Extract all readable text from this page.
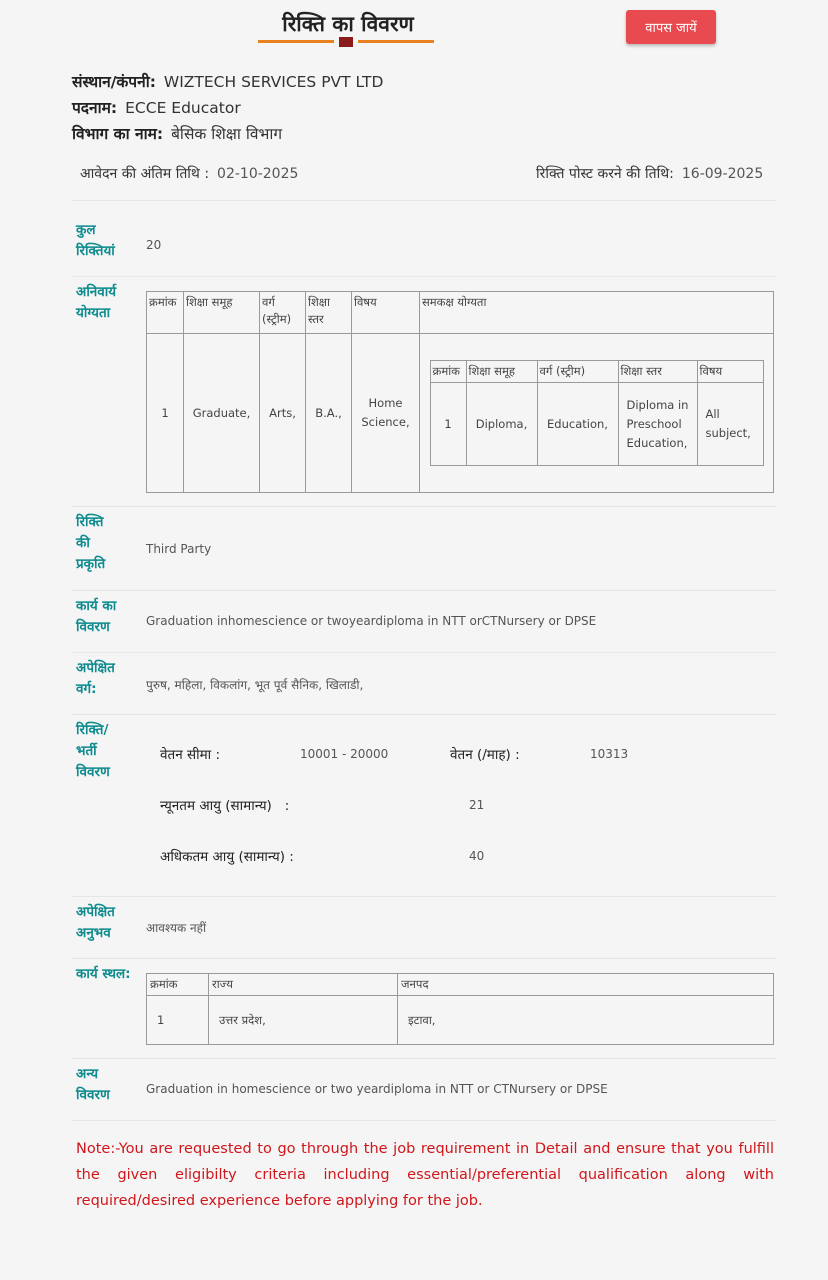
रिक्ति का विवरण	वापस जायें
संस्थान/कंपनी: WIZTECH SERVICES PVT LTD
पदनाम: ECCE Educator
विभाग का नाम: बेसिक शिक्षा विभाग
आवेदन की अंतिम तिथि : 02-10-2025	रिक्ति पोस्ट करने की तिथि: 16-09-2025
कुल रिक्तियां	20
अनिवार्य योग्यता
क्रमांक	शिक्षा समूह	वर्ग (स्ट्रीम)	शिक्षा स्तर	विषय	समकक्ष योग्यता
1	Graduate,	Arts,	B.A.,	Home Science,	
क्रमांक	शिक्षा समूह	वर्ग (स्ट्रीम)	शिक्षा स्तर	विषय
1	Diploma,	Education,	Diploma in Preschool Education,	All subject,
रिक्ति की प्रकृति
Third Party
कार्य का विवरण	Graduation inhomescience or twoyeardiploma in NTT orCTNursery or DPSE
अपेक्षित वर्ग:	पुरुष, महिला, विकलांग, भूत पूर्व सैनिक, खिलाडी,
रिक्ति/ भर्ती विवरण
वेतन सीमा :	10001 - 20000	वेतन (/माह) :	10313
न्यूनतम आयु (सामान्य)   :	21
अधिकतम आयु (सामान्य) :	40
अपेक्षित अनुभव	आवश्यक नहीं
कार्य स्थल:
क्रमांक	राज्य	जनपद
1	उत्तर प्रदेश,	इटावा,
अन्य विवरण	Graduation in homescience or two yeardiploma in NTT or CTNursery or DPSE
Note:-You are requested to go through the job requirement in Detail and ensure that you fulfill the given eligibilty criteria including essential/preferential qualification along with required/desired experience before applying for the job.
